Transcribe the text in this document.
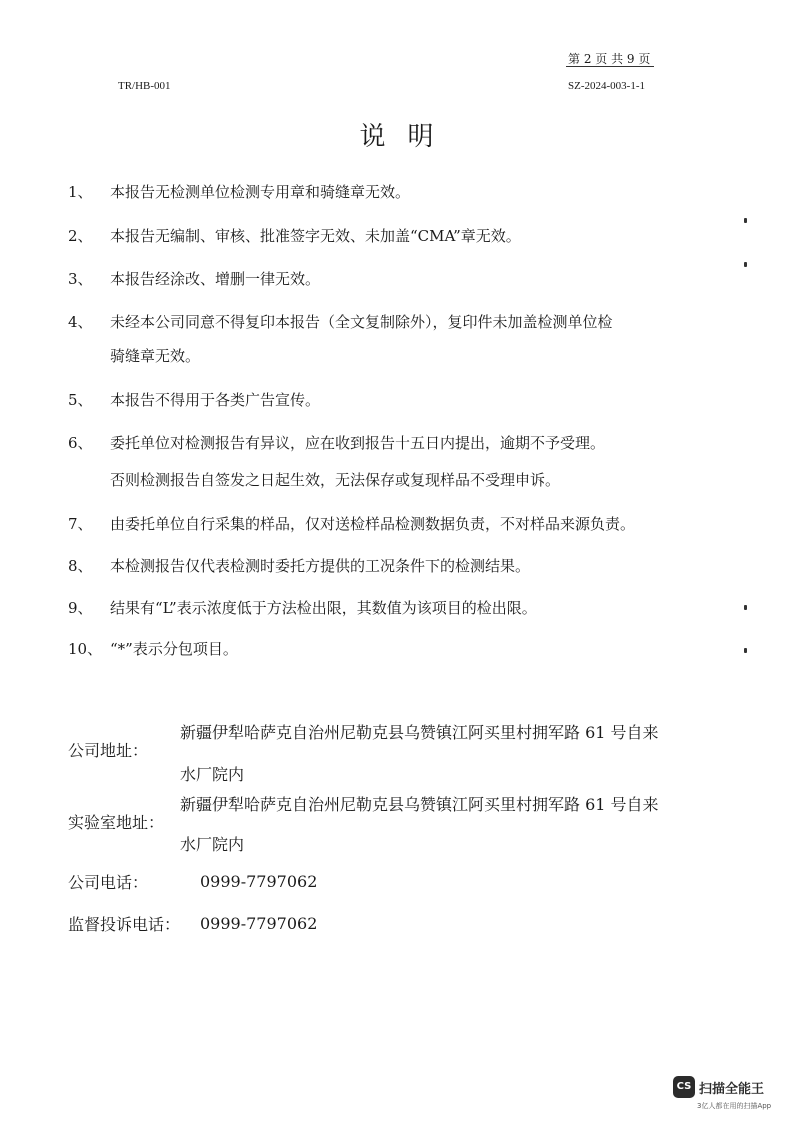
第 2 页 共 9 页
TR/HB-001	SZ-2024-003-1-1
说明
1、 本报告无检测单位检测专用章和骑缝章无效。
2、 本报告无编制、审核、批准签字无效、未加盖“CMA”章无效。
3、 本报告经涂改、增删一律无效。
4、 未经本公司同意不得复印本报告（全文复制除外），复印件未加盖检测单位检
骑缝章无效。
5、 本报告不得用于各类广告宣传。
6、 委托单位对检测报告有异议，应在收到报告十五日内提出，逾期不予受理。
否则检测报告自签发之日起生效，无法保存或复现样品不受理申诉。
7、 由委托单位自行采集的样品，仅对送检样品检测数据负责，不对样品来源负责。
8、 本检测报告仅代表检测时委托方提供的工况条件下的检测结果。
9、 结果有“L”表示浓度低于方法检出限，其数值为该项目的检出限。
10、 “*”表示分包项目。
新疆伊犁哈萨克自治州尼勒克县乌赞镇江阿买里村拥军路 61 号自来
公司地址：
水厂院内
新疆伊犁哈萨克自治州尼勒克县乌赞镇江阿买里村拥军路 61 号自来
实验室地址：
水厂院内
公司电话：	0999-7797062
监督投诉电话： 0999-7797062
CS 扫描全能王
3亿人都在用的扫描App
